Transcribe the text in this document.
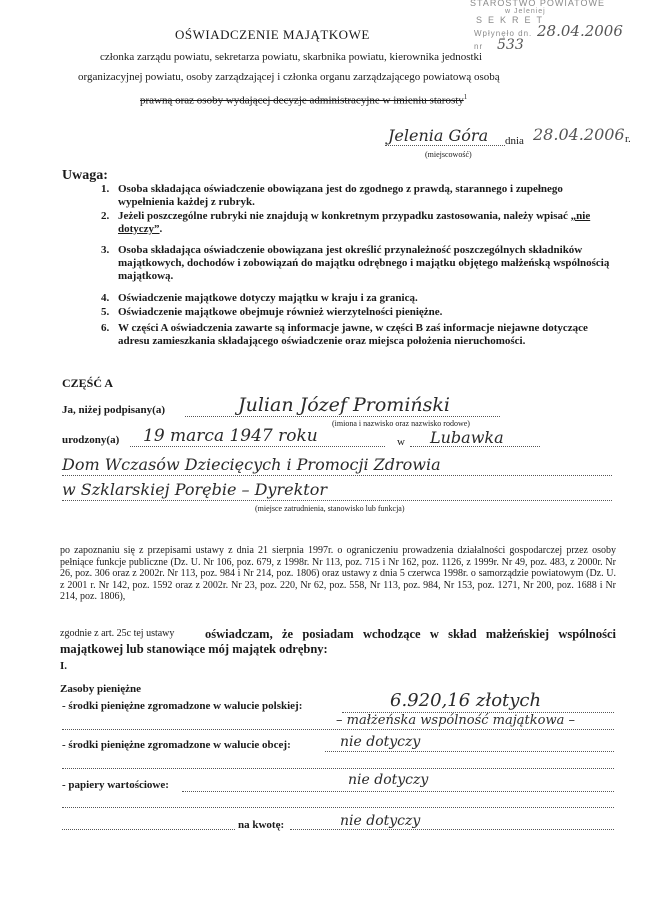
STAROSTWO POWIATOWE
w Jeleniej
SEKRET
Wpłynęło dn. 28.04.2006
nr 533
OŚWIADCZENIE MAJĄTKOWE
członka zarządu powiatu, sekretarza powiatu, skarbnika powiatu, kierownika jednostki
organizacyjnej powiatu, osoby zarządzającej i członka organu zarządzającego powiatową osobą
prawną oraz osoby wydającej decyzje administracyjne w imieniu starosty$^1$
Jelenia Góra
(miejscowość)
dnia 28.04.2006 r.
Uwaga:
1. Osoba składająca oświadczenie obowiązana jest do zgodnego z prawdą, starannego i zupełnego wypełnienia każdej z rubryk.
2. Jeżeli poszczególne rubryki nie znajdują w konkretnym przypadku zastosowania, należy wpisać „nie dotyczy”.
3. Osoba składająca oświadczenie obowiązana jest określić przynależność poszczególnych składników majątkowych, dochodów i zobowiązań do majątku odrębnego i majątku objętego małżeńską wspólnością majątkową.
4. Oświadczenie majątkowe dotyczy majątku w kraju i za granicą.
5. Oświadczenie majątkowe obejmuje również wierzytelności pieniężne.
6. W części A oświadczenia zawarte są informacje jawne, w części B zaś informacje niejawne dotyczące adresu zamieszkania składającego oświadczenie oraz miejsca położenia nieruchomości.
CZĘŚĆ A
Ja, niżej podpisany(a)	Julian Józef Promiński
(imiona i nazwisko oraz nazwisko rodowe)
urodzony(a) 19 marca 1947 roku	w Lubawka
Dom Wczasów Dziecięcych i Promocji Zdrowia
w Szklarskiej Porębie – Dyrektor
(miejsce zatrudnienia, stanowisko lub funkcja)
po zapoznaniu się z przepisami ustawy z dnia 21 sierpnia 1997r. o ograniczeniu prowadzenia działalności gospodarczej przez osoby pełniące funkcje publiczne (Dz. U. Nr 106, poz. 679, z 1998r. Nr 113, poz. 715 i Nr 162, poz. 1126, z 1999r. Nr 49, poz. 483, z 2000r. Nr 26, poz. 306 oraz z 2002r. Nr 113, poz. 984 i Nr 214, poz. 1806) oraz ustawy z dnia 5 czerwca 1998r. o samorządzie powiatowym (Dz. U. z 2001 r. Nr 142, poz. 1592 oraz z 2002r. Nr 23, poz. 220, Nr 62, poz. 558, Nr 113, poz. 984, Nr 153, poz. 1271, Nr 200, poz. 1688 i Nr 214, poz. 1806),
zgodnie z art. 25c tej ustawy	oświadczam, że posiadam wchodzące w skład małżeńskiej wspólności majątkowej lub stanowiące mój majątek odrębny:
I.
Zasoby pieniężne
- środki pieniężne zgromadzone w walucie polskiej:	6.920,16 złotych
– małżeńska wspólność majątkowa –
- środki pieniężne zgromadzone w walucie obcej:	nie dotyczy
- papiery wartościowe:	nie dotyczy
na kwotę:	nie dotyczy
